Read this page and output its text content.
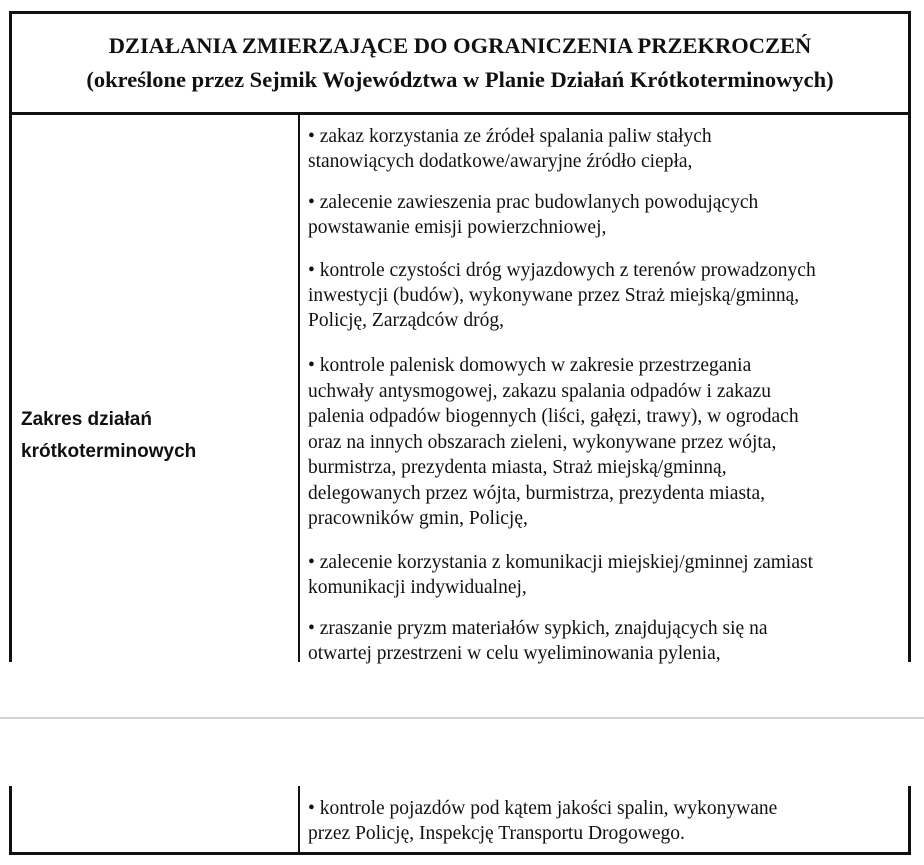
DZIAŁANIA ZMIERZAJĄCE DO OGRANICZENIA PRZEKROCZEŃ
(określone przez Sejmik Województwa w Planie Działań Krótkoterminowych)
Zakres działań
krótkoterminowych
• zakaz korzystania ze źródeł spalania paliw stałych
stanowiących dodatkowe/awaryjne źródło ciepła,
• zalecenie zawieszenia prac budowlanych powodujących
powstawanie emisji powierzchniowej,
• kontrole czystości dróg wyjazdowych z terenów prowadzonych
inwestycji (budów), wykonywane przez Straż miejską/gminną,
Policję, Zarządców dróg,
• kontrole palenisk domowych w zakresie przestrzegania
uchwały antysmogowej, zakazu spalania odpadów i zakazu
palenia odpadów biogennych (liści, gałęzi, trawy), w ogrodach
oraz na innych obszarach zieleni, wykonywane przez wójta,
burmistrza, prezydenta miasta, Straż miejską/gminną,
delegowanych przez wójta, burmistrza, prezydenta miasta,
pracowników gmin, Policję,
• zalecenie korzystania z komunikacji miejskiej/gminnej zamiast
komunikacji indywidualnej,
• zraszanie pryzm materiałów sypkich, znajdujących się na
otwartej przestrzeni w celu wyeliminowania pylenia,
• kontrole pojazdów pod kątem jakości spalin, wykonywane
przez Policję, Inspekcję Transportu Drogowego.
